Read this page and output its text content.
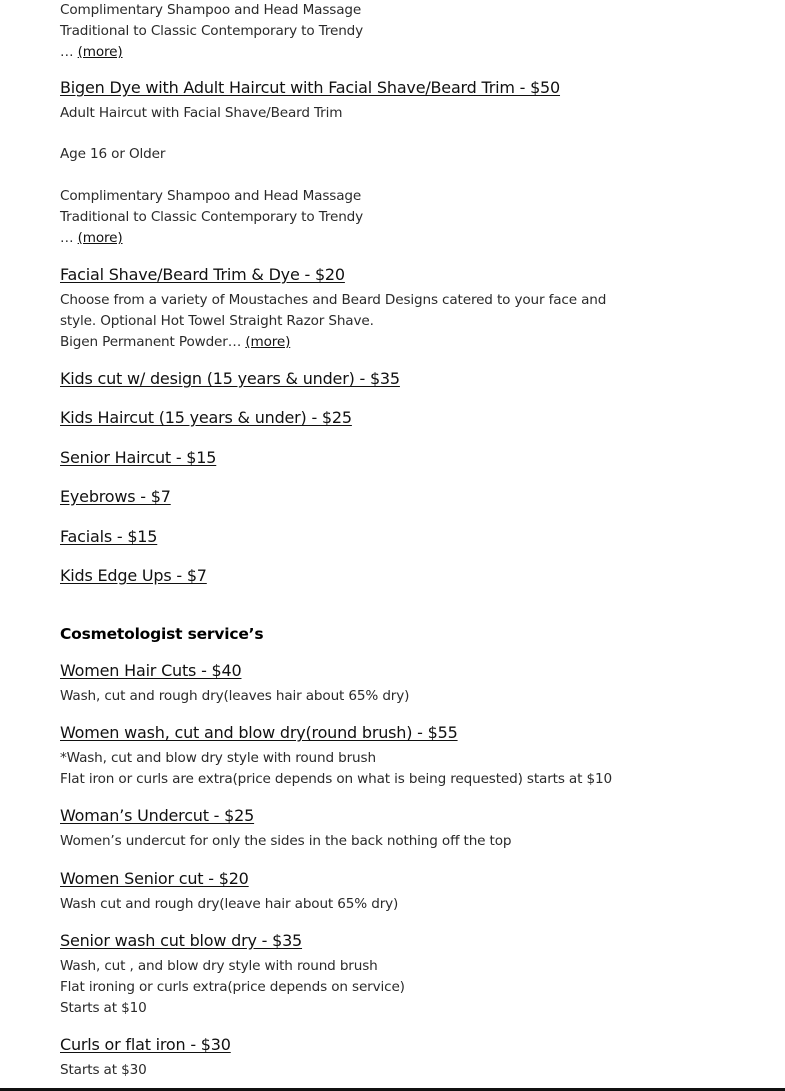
Complimentary Shampoo and Head Massage
Traditional to Classic Contemporary to Trendy
… (more)
Bigen Dye with Adult Haircut with Facial Shave/Beard Trim - $50
Adult Haircut with Facial Shave/Beard Trim
Age 16 or Older
Complimentary Shampoo and Head Massage
Traditional to Classic Contemporary to Trendy
… (more)
Facial Shave/Beard Trim & Dye - $20
Choose from a variety of Moustaches and Beard Designs catered to your face and
style. Optional Hot Towel Straight Razor Shave.
Bigen Permanent Powder… (more)
Kids cut w/ design (15 years & under) - $35
Kids Haircut (15 years & under) - $25
Senior Haircut - $15
Eyebrows - $7
Facials - $15
Kids Edge Ups - $7
Cosmetologist service’s
Women Hair Cuts - $40
Wash, cut and rough dry(leaves hair about 65% dry)
Women wash, cut and blow dry(round brush) - $55
*Wash, cut and blow dry style with round brush
Flat iron or curls are extra(price depends on what is being requested) starts at $10
Woman’s Undercut - $25
Women’s undercut for only the sides in the back nothing off the top
Women Senior cut - $20
Wash cut and rough dry(leave hair about 65% dry)
Senior wash cut blow dry - $35
Wash, cut , and blow dry style with round brush
Flat ironing or curls extra(price depends on service)
Starts at $10
Curls or flat iron - $30
Starts at $30
